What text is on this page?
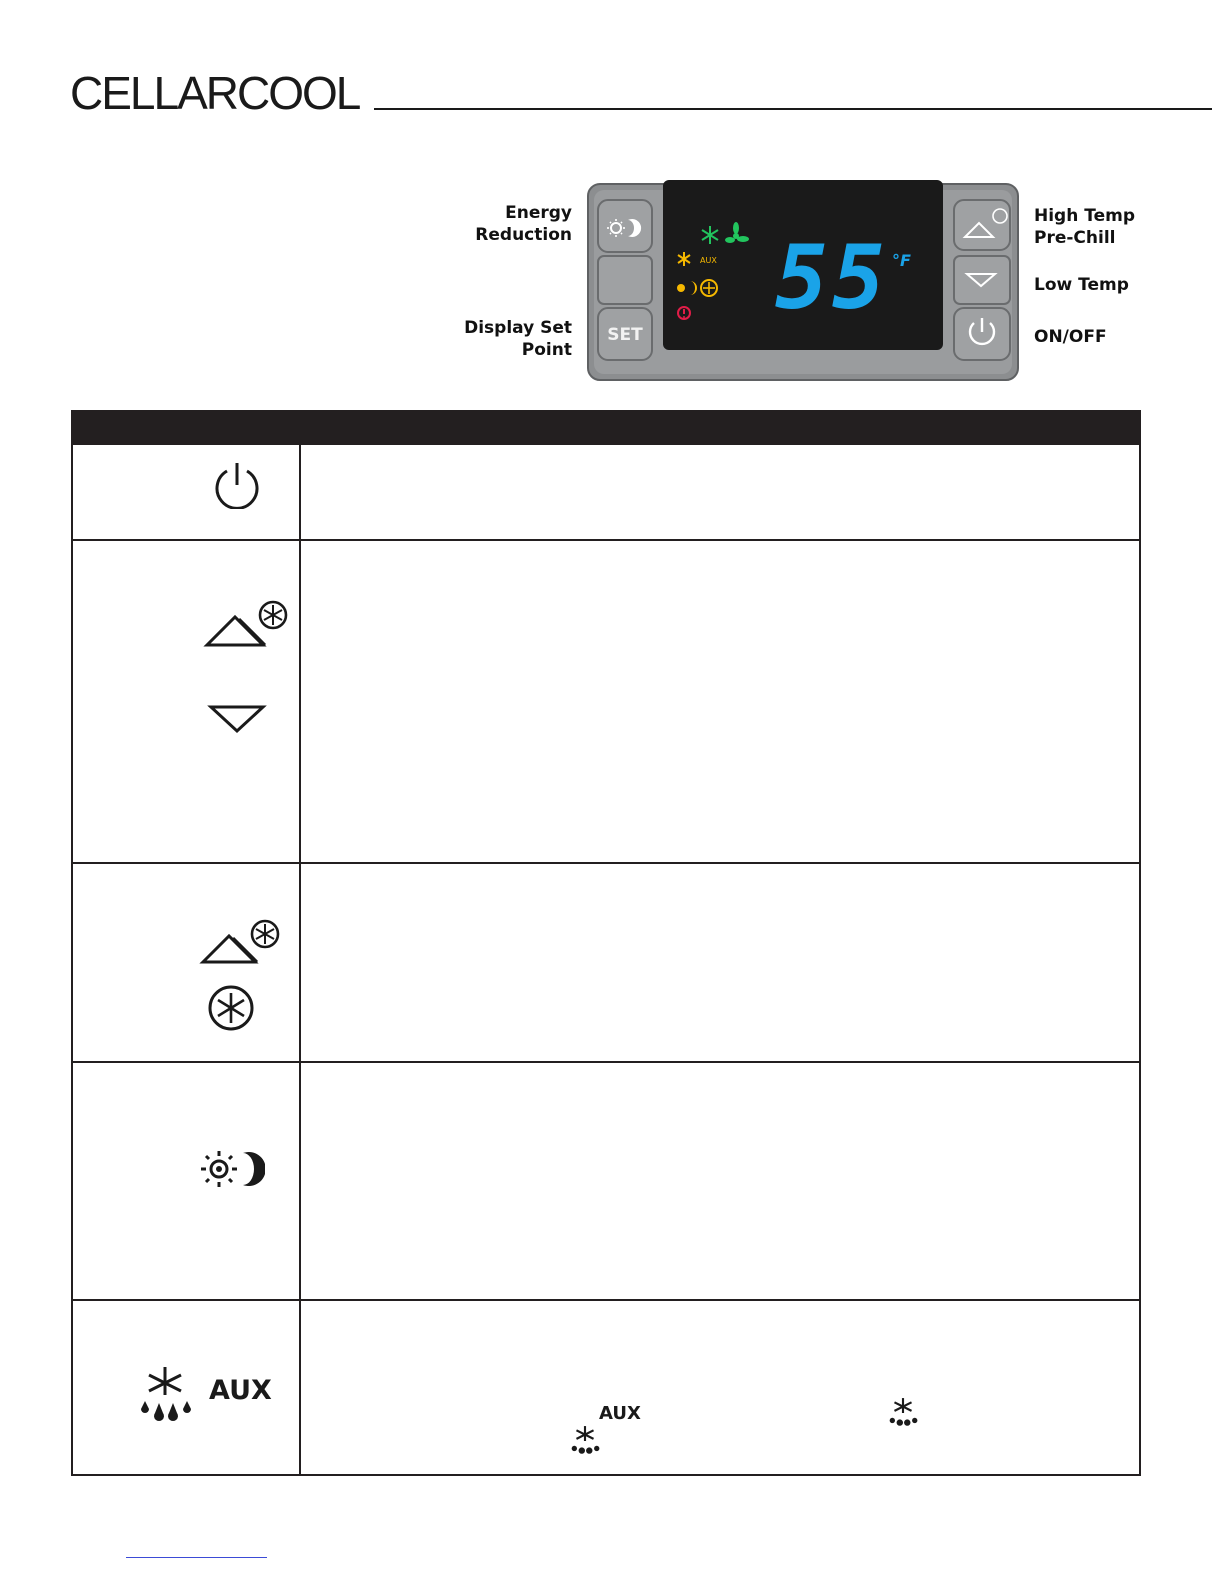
CELLARCOOL
Energy Reduction
Display Set Point
High Temp Pre-Chill
Low Temp
ON/OFF
SET
AUX 55 °F
AUX
AUX
